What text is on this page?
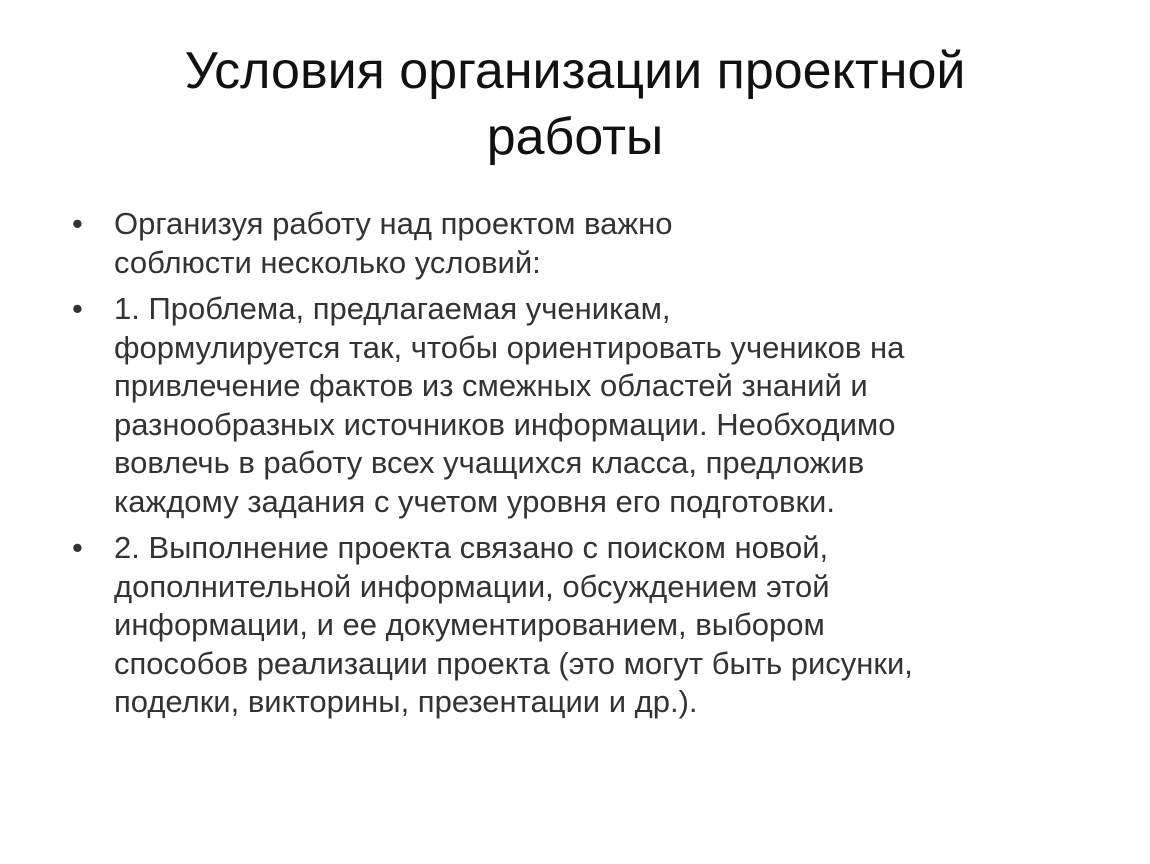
Условия организации проектной
работы
• Организуя работу над проектом важно
соблюсти несколько условий:
• 1. Проблема, предлагаемая ученикам,
формулируется так, чтобы ориентировать учеников на
привлечение фактов из смежных областей знаний и
разнообразных источников информации. Необходимо
вовлечь в работу всех учащихся класса, предложив
каждому задания с учетом уровня его подготовки.
• 2. Выполнение проекта связано с поиском новой,
дополнительной информации, обсуждением этой
информации, и ее документированием, выбором
способов реализации проекта (это могут быть рисунки,
поделки, викторины, презентации и др.).
